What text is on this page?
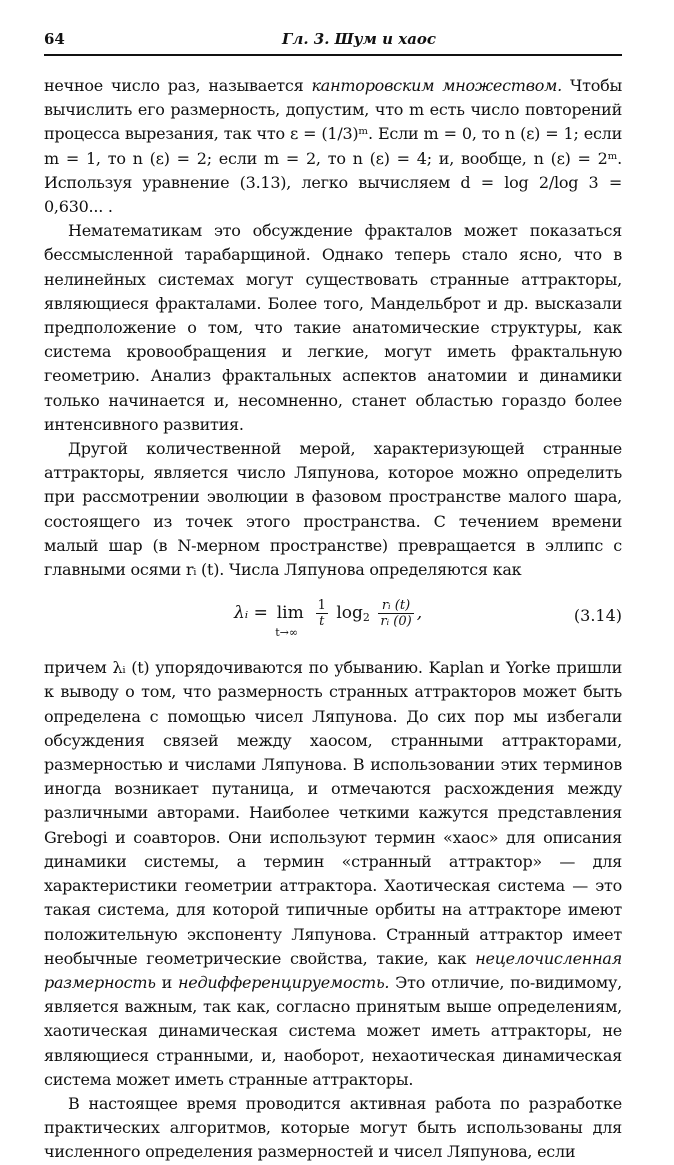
64	Гл. 3. Шум и хаос

нечное число раз, называется канторовским множеством. Чтобы вычислить его размерность, допустим, что m есть число повторений процесса вырезания, так что ε = (1/3)ᵐ. Если m = 0, то n (ε) = 1; если m = 1, то n (ε) = 2; если m = 2, то n (ε) = 4; и, вообще, n (ε) = 2ᵐ. Используя уравнение (3.13), легко вычисляем d = log 2/log 3 = 0,630... .

Нематематикам это обсуждение фракталов может показаться бессмысленной тарабарщиной. Однако теперь стало ясно, что в нелинейных системах могут существовать странные аттракторы, являющиеся фракталами. Более того, Мандельброт и др. высказали предположение о том, что такие анатомические структуры, как система кровообращения и легкие, могут иметь фрактальную геометрию. Анализ фрактальных аспектов анатомии и динамики только начинается и, несомненно, станет областью гораздо более интенсивного развития.

Другой количественной мерой, характеризующей странные аттракторы, является число Ляпунова, которое можно определить при рассмотрении эволюции в фазовом пространстве малого шара, состоящего из точек этого пространства. С течением времени малый шар (в N-мерном пространстве) превращается в эллипс с главными осями rᵢ (t). Числа Ляпунова определяются как

λᵢ = lim
t→∞

$\frac{1}{t} \log 2 \frac{\text{rᵢ (t)}}{\text{rᵢ (0)}}$ ,	(3.14)

причем λᵢ (t) упорядочиваются по убыванию. Kaplan и Yorke пришли к выводу о том, что размерность странных аттракторов может быть определена с помощью чисел Ляпунова. До сих пор мы избегали обсуждения связей между хаосом, странными аттракторами, размерностью и числами Ляпунова. В использовании этих терминов иногда возникает путаница, и отмечаются расхождения между различными авторами. Наиболее четкими кажутся представления Grebogi и соавторов. Они используют термин «хаос» для описания динамики системы, а термин «странный аттрактор» — для характеристики геометрии аттрактора. Хаотическая система — это такая система, для которой типичные орбиты на аттракторе имеют положительную экспоненту Ляпунова. Странный аттрактор имеет необычные геометрические свойства, такие, как нецелочисленная размерность и недифференцируемость. Это отличие, по-видимому, является важным, так как, согласно принятым выше определениям, хаотическая динамическая система может иметь аттракторы, не являющиеся странными, и, наоборот, нехаотическая динамическая система может иметь странные аттракторы.

В настоящее время проводится активная работа по разработке практических алгоритмов, которые могут быть использованы для численного определения размерностей и чисел Ляпунова, если
